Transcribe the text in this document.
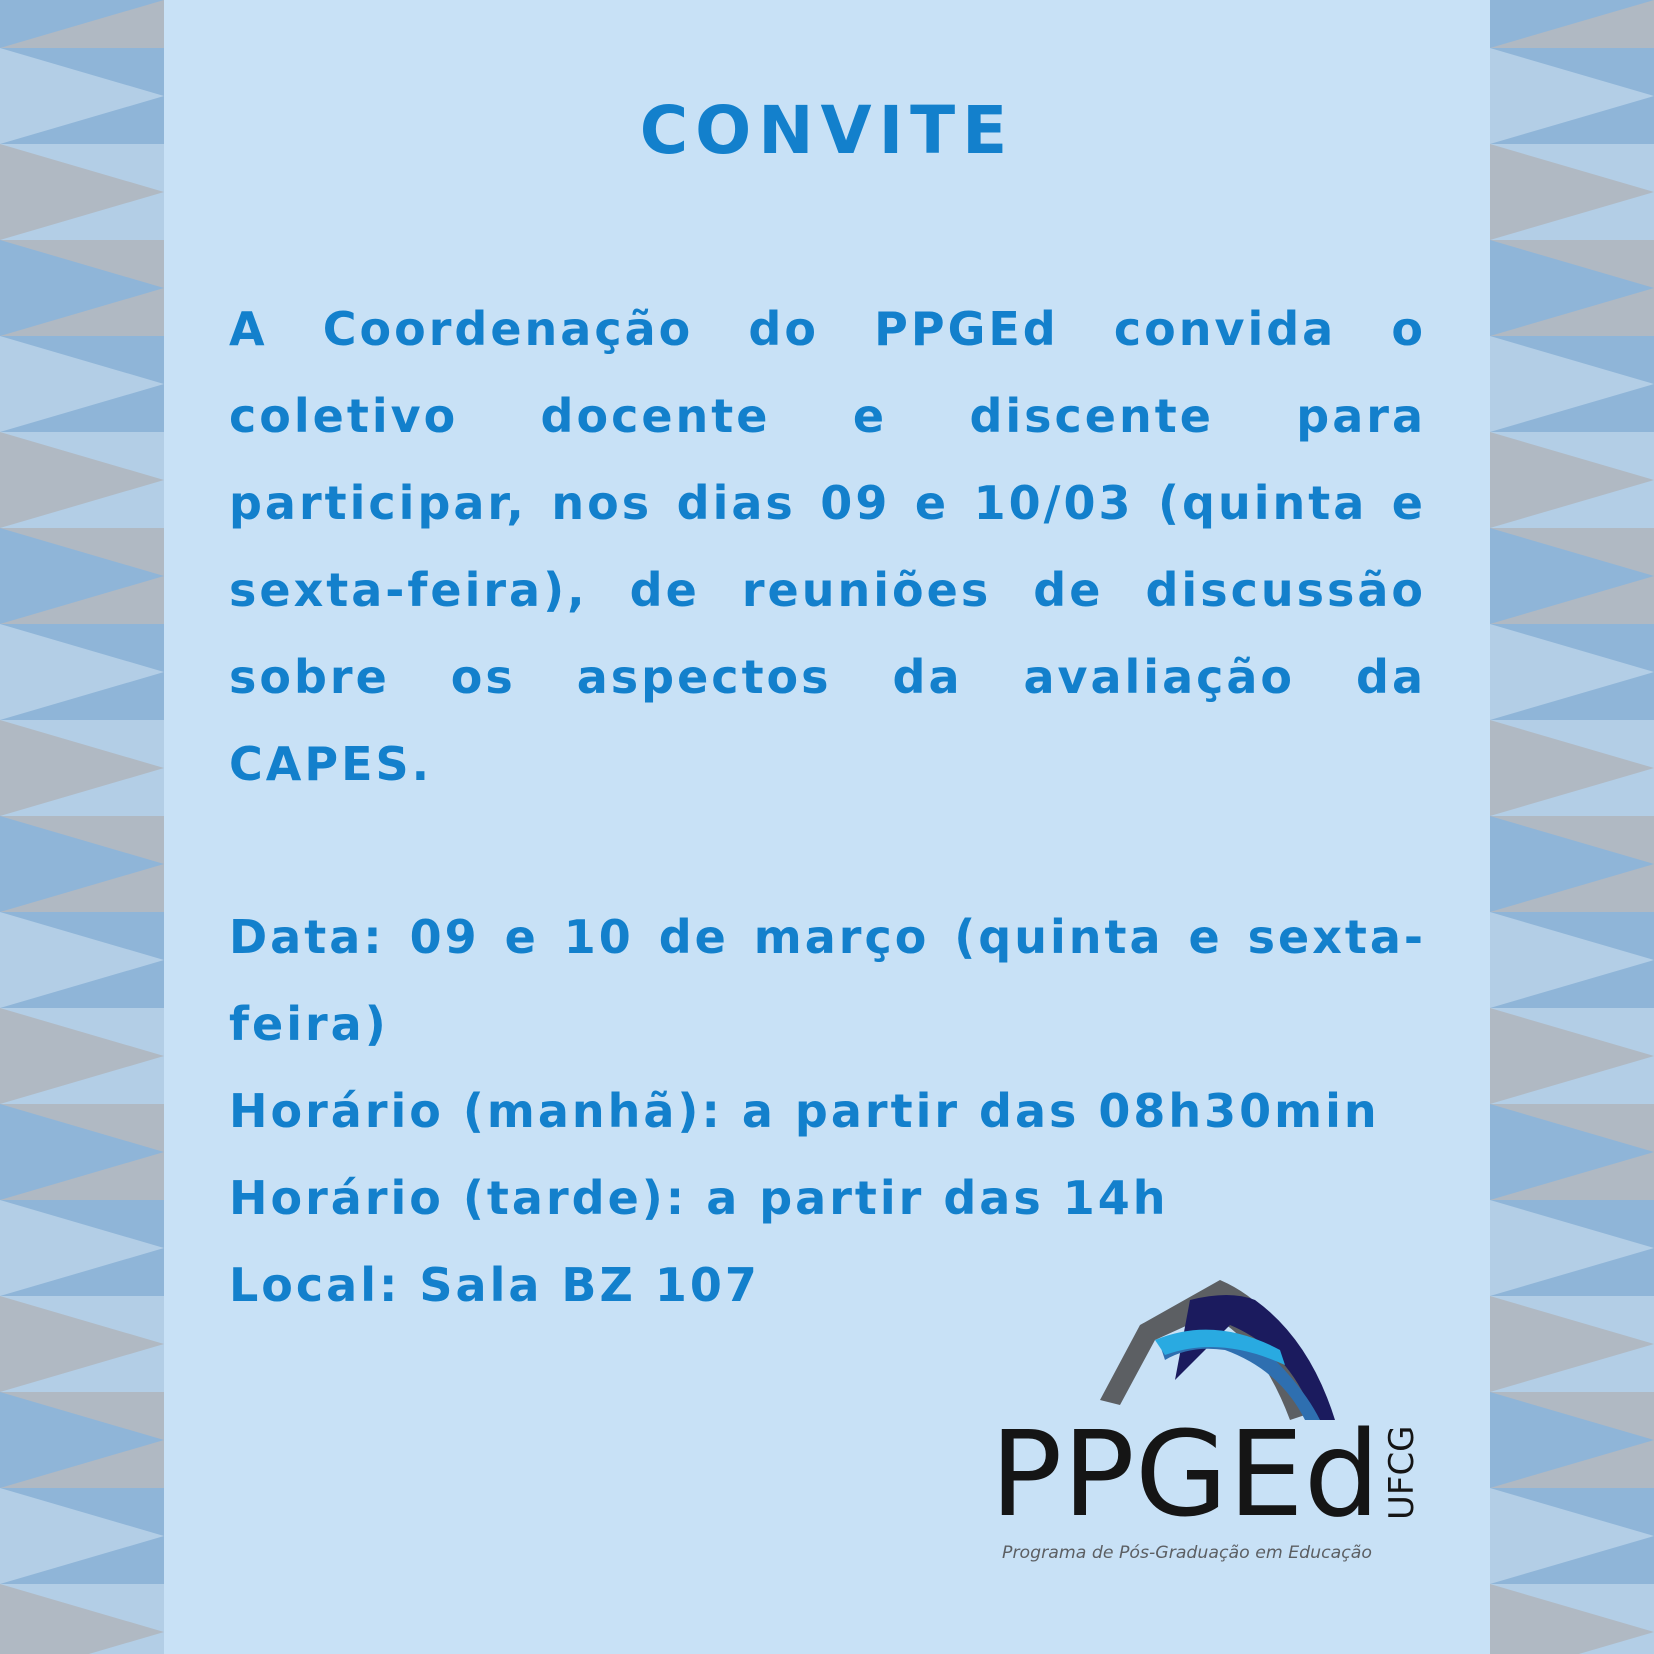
CONVITE

A Coordenação do PPGEd convida o coletivo docente e discente para participar, nos dias 09 e 10/03 (quinta e sexta-feira), de reuniões de discussão sobre os aspectos da avaliação da CAPES.

Data: 09 e 10 de março (quinta e sexta-feira)

Horário (manhã): a partir das 08h30min

Horário (tarde): a partir das 14h

Local: Sala BZ 107

PPGEd UFCG
Programa de Pós-Graduação em Educação
